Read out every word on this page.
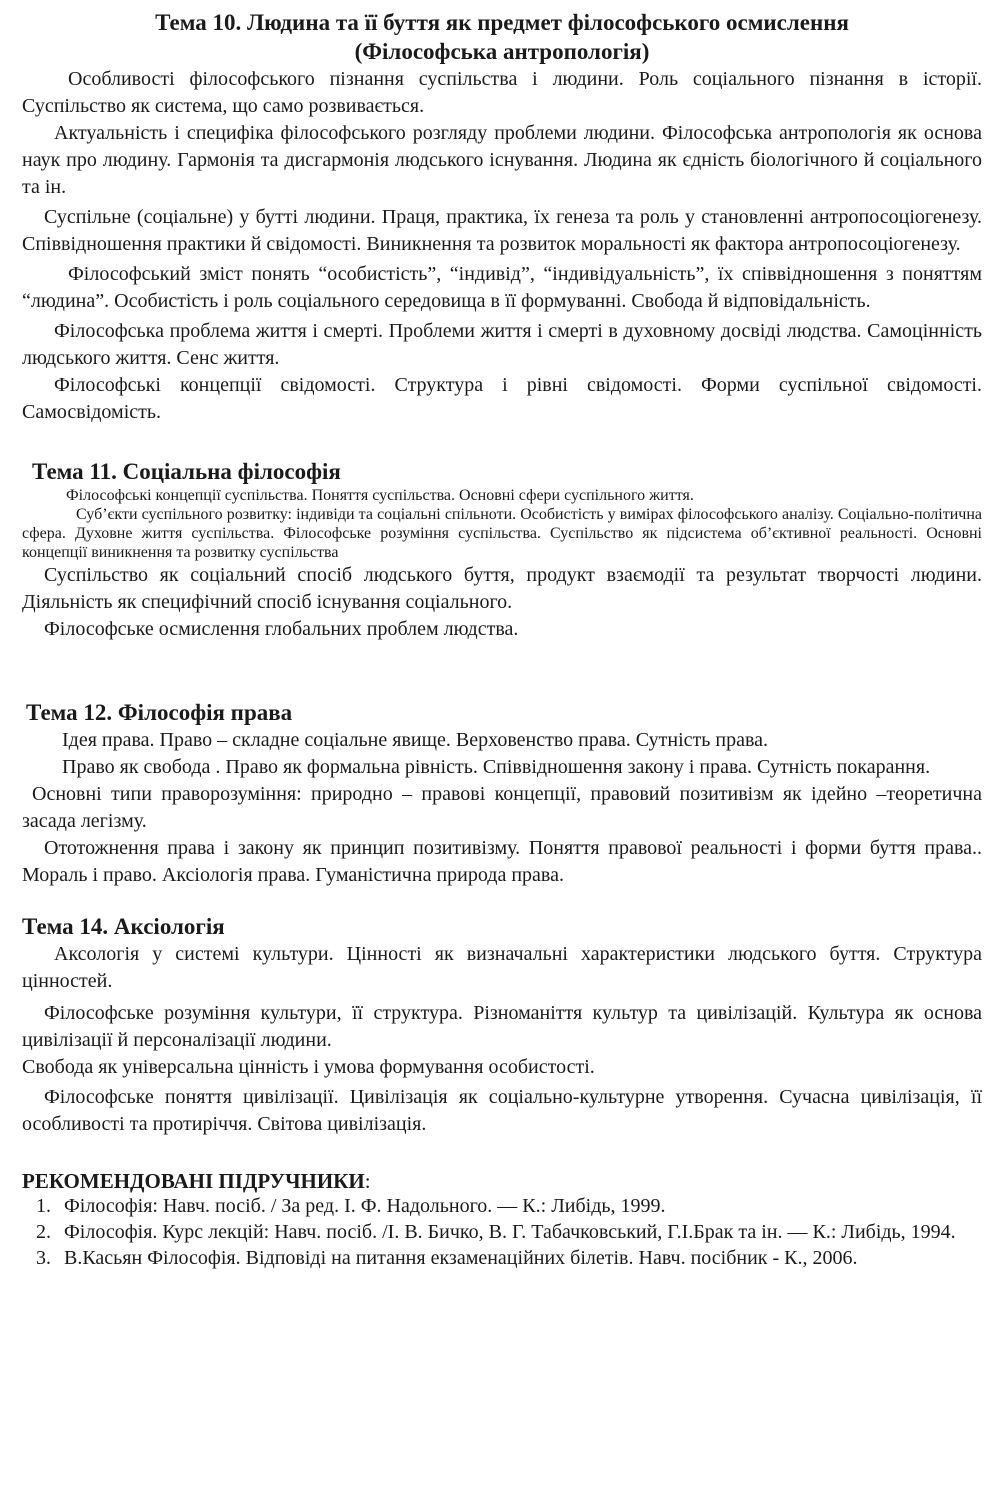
Тема 10. Людина та її буття як предмет філософського осмислення
(Філософська антропологія)

Особливості філософського пізнання суспільства і людини. Роль соціального пізнання в історії. Суспільство як система, що само розвивається.

Актуальність і специфіка філософського розгляду проблеми людини. Філософська антропологія як основа наук про людину. Гармонія та дисгармонія людського існування. Людина як єдність біологічного й соціального та ін.

Суспільне (соціальне) у бутті людини. Праця, практика, їх генеза та роль у становленні антропосоціогенезу. Співвідношення практики й свідомості. Виникнення та розвиток моральності як фактора антропосоціогенезу.

Філософський зміст понять “особистість”, “індивід”, “індивідуальність”, їх співвідношення з поняттям “людина”. Особистість і роль соціального середовища в її формуванні. Свобода й відповідальність.

Філософська проблема життя і смерті. Проблеми життя і смерті в духовному досвіді людства. Самоцінність людського життя. Сенс життя.

Філософські концепції свідомості. Структура і рівні свідомості. Форми суспільної свідомості. Самосвідомість.

Тема 11. Соціальна філософія

Філософські концепції суспільства. Поняття суспільства. Основні сфери суспільного життя.

Суб’єкти суспільного розвитку: індивіди та соціальні спільноти. Особистість у вимірах філософського аналізу. Соціально-політична сфера. Духовне життя суспільства. Філософське розуміння суспільства. Суспільство як підсистема об’єктивної реальності. Основні концепції виникнення та розвитку суспільства

Суспільство як соціальний спосіб людського буття, продукт взаємодії та результат творчості людини. Діяльність як специфічний спосіб існування соціального.

Філософське осмислення глобальних проблем людства.

Тема 12. Філософія права

Ідея права. Право – складне соціальне явище. Верховенство права. Сутність права.

Право як свобода . Право як формальна рівність. Співвідношення закону і права. Сутність покарання.

Основні типи праворозуміння: природно – правові концепції, правовий позитивізм як ідейно –теоретична засада легізму.

Ототожнення права і закону як принцип позитивізму. Поняття правової реальності і форми буття права.. Мораль і право. Аксіологія права. Гуманістична природа права.

Тема 14. Аксіологія

Аксологія у системі культури. Цінності як визначальні характеристики людського буття. Структура цінностей.

Філософське розуміння культури, її структура. Різноманіття культур та цивілізацій. Культура як основа цивілізації й персоналізації людини.

Свобода як універсальна цінність і умова формування особистості.

Філософське поняття цивілізації. Цивілізація як соціально-культурне утворення. Сучасна цивілізація, її особливості та протиріччя. Світова цивілізація.

РЕКОМЕНДОВАНІ ПІДРУЧНИКИ:
1. Філософія: Навч. посіб. / За ред. І. Ф. Надольного. — К.: Либідь, 1999.
2. Філософія. Курс лекцій: Навч. посіб. /І. В. Бичко, В. Г. Табачковський, Г.І.Брак та ін. — К.: Либідь, 1994.
3. В.Касьян Філософія. Відповіді на питання екзаменаційних білетів. Навч. посібник - К., 2006.
